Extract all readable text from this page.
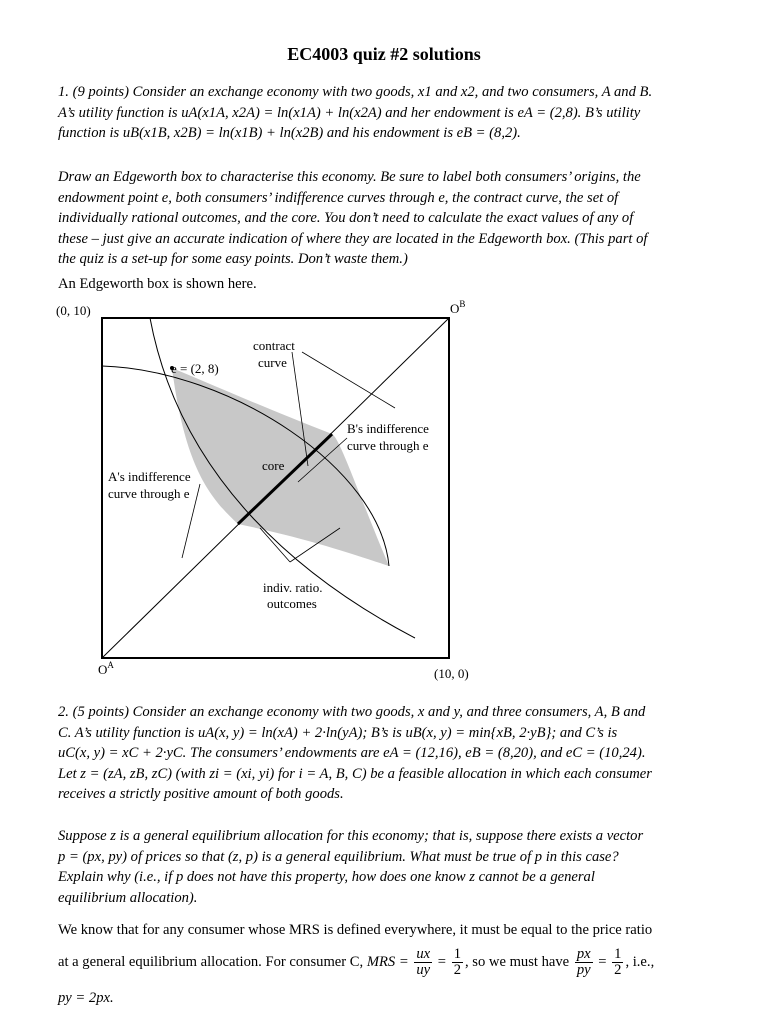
EC4003 quiz #2 solutions
1. (9 points) Consider an exchange economy with two goods, x1 and x2, and two consumers, A and B.
A’s utility function is uA(x1A, x2A) = ln(x1A) + ln(x2A) and her endowment is eA = (2,8). B’s utility
function is uB(x1B, x2B) = ln(x1B) + ln(x2B) and his endowment is eB = (8,2).
Draw an Edgeworth box to characterise this economy. Be sure to label both consumers’ origins, the
endowment point e, both consumers’ indifference curves through e, the contract curve, the set of
individually rational outcomes, and the core. You don’t need to calculate the exact values of any of
these – just give an accurate indication of where they are located in the Edgeworth box. (This part of
the quiz is a set-up for some easy points. Don’t waste them.)
An Edgeworth box is shown here.
(0, 10)	$O^B$
$O^A$
(10, 0)
e = (2, 8)
contract
curve
B's indifference
curve through e
core
A's indifference
curve through e
indiv. ratio.
outcomes
2. (5 points) Consider an exchange economy with two goods, x and y, and three consumers, A, B and
C. A’s utility function is uA(x, y) = ln(xA) + 2·ln(yA); B’s is uB(x, y) = min{xB, 2·yB}; and C’s is
uC(x, y) = xC + 2·yC. The consumers’ endowments are eA = (12,16), eB = (8,20), and eC = (10,24).
Let z = (zA, zB, zC) (with zi = (xi, yi) for i = A, B, C) be a feasible allocation in which each consumer
receives a strictly positive amount of both goods.
Suppose z is a general equilibrium allocation for this economy; that is, suppose there exists a vector
p = (px, py) of prices so that (z, p) is a general equilibrium. What must be true of p in this case?
Explain why (i.e., if p does not have this property, how does one know z cannot be a general
equilibrium allocation).
We know that for any consumer whose MRS is defined everywhere, it must be equal to the price ratio
at a general equilibrium allocation. For consumer C, MRS = $\frac{ux}{uy} = \frac{1}{2}$ , so we must have $\frac{px}{py} = \frac{1}{2}$ , i.e.,
py = 2px.
